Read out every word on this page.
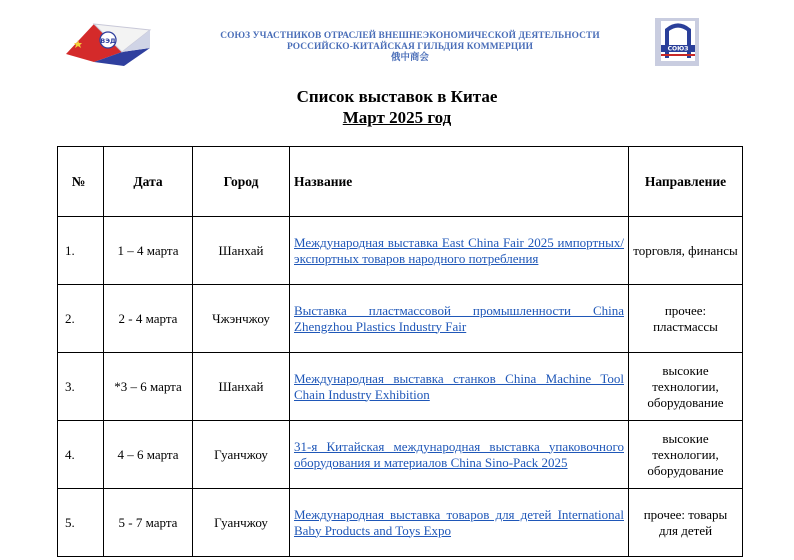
ВЭД	СОЮЗ УЧАСТНИКОВ ОТРАСЛЕЙ ВНЕШНЕЭКОНОМИЧЕСКОЙ ДЕЯТЕЛЬНОСТИ
РОССИЙСКО-КИТАЙСКАЯ ГИЛЬДИЯ КОММЕРЦИИ
俄中商会
СОЮЗ
Список выставок в Китае
Март 2025 год
№	Дата	Город	Название	Направление
1.	1 – 4 марта	Шанхай	Международная выставка East China Fair 2025 импортных/экспортных товаров народного потребления	торговля, финансы
2.	2 - 4 марта	Чжэнчжоу	Выставка пластмассовой промышленности China Zhengzhou Plastics Industry Fair	прочее: пластмассы
3.	*3 – 6 марта	Шанхай	Международная выставка станков China Machine Tool Chain Industry Exhibition	высокие технологии, оборудование
4.	4 – 6 марта	Гуанчжоу	31-я Китайская международная выставка упаковочного оборудования и материалов China Sino-Pack 2025	высокие технологии, оборудование
5.	5 - 7 марта	Гуанчжоу	Международная выставка товаров для детей International Baby Products and Toys Expo	прочее: товары для детей
